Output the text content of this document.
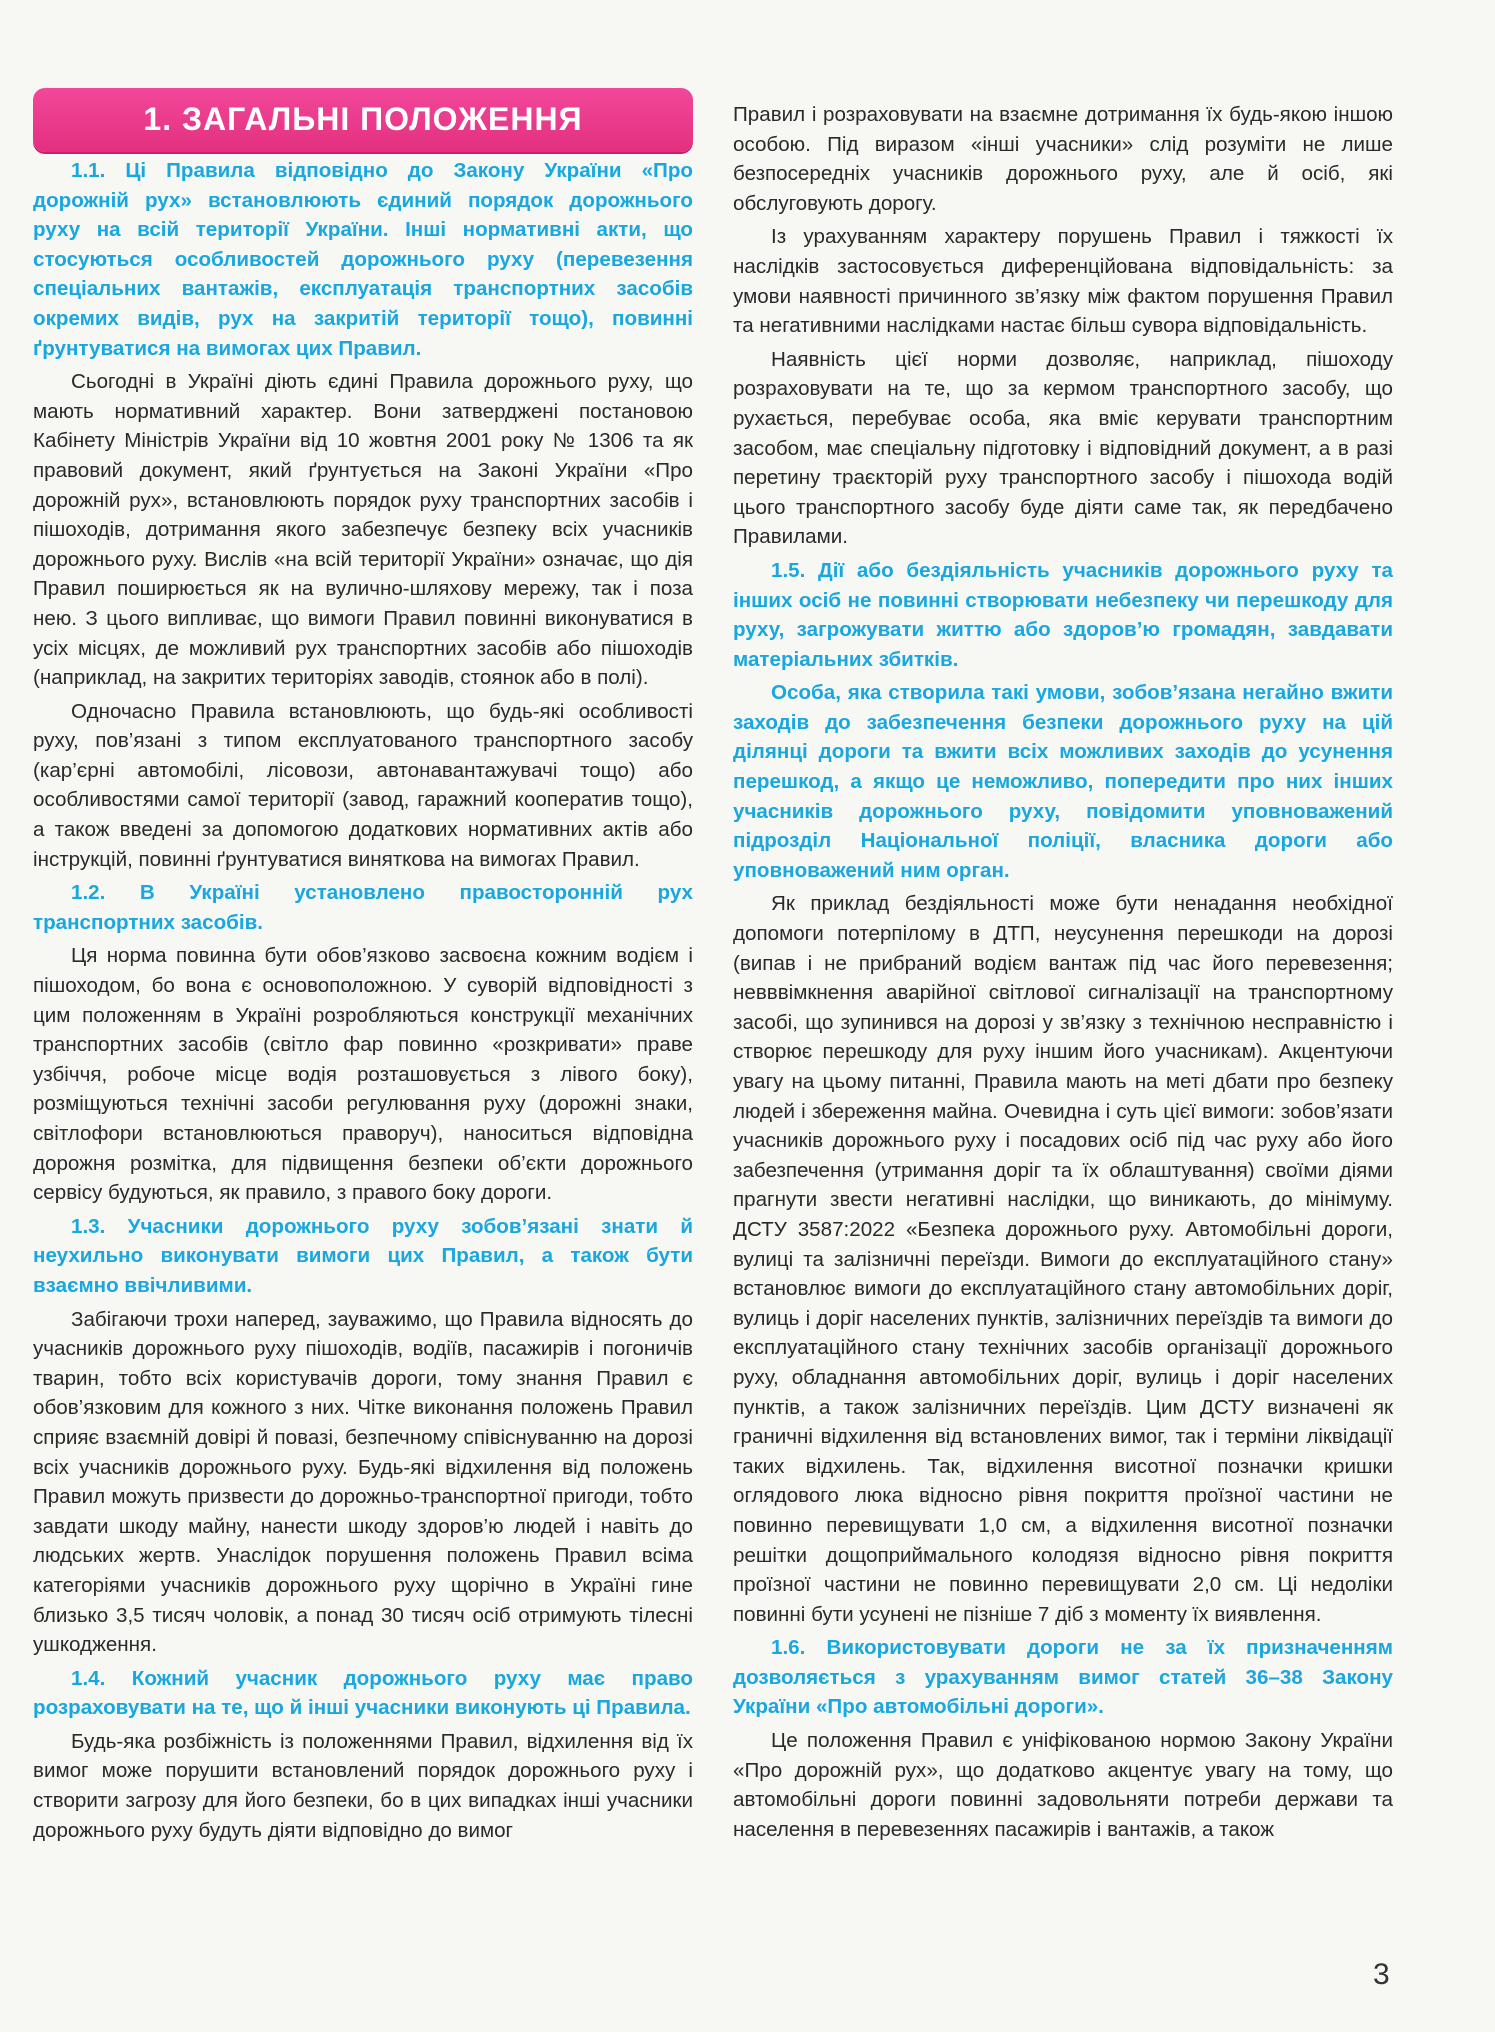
1. ЗАГАЛЬНІ ПОЛОЖЕННЯ

1.1. Ці Правила відповідно до Закону України «Про дорожній рух» встановлюють єдиний порядок дорожнього руху на всій території України. Інші нормативні акти, що стосуються особливостей дорожнього руху (перевезення спеціальних вантажів, експлуатація транспортних засобів окремих видів, рух на закритій території тощо), повинні ґрунтуватися на вимогах цих Правил.

Сьогодні в Україні діють єдині Правила дорожнього руху, що мають нормативний характер. Вони затверджені постановою Кабінету Міністрів України від 10 жовтня 2001 року № 1306 та як правовий документ, який ґрунтується на Законі України «Про дорожній рух», встановлюють порядок руху транспортних засобів і пішоходів, дотримання якого забезпечує безпеку всіх учасників дорожнього руху. Вислів «на всій території України» означає, що дія Правил поширюється як на вулично-шляхову мережу, так і поза нею. З цього випливає, що вимоги Правил повинні виконуватися в усіх місцях, де можливий рух транспортних засобів або пішоходів (наприклад, на закритих територіях заводів, стоянок або в полі).

Одночасно Правила встановлюють, що будь-які особливості руху, пов’язані з типом експлуатованого транспортного засобу (кар’єрні автомобілі, лісовози, автонавантажувачі тощо) або особливостями самої території (завод, гаражний кооператив тощо), а також введені за допомогою додаткових нормативних актів або інструкцій, повинні ґрунтуватися виняткова на вимогах Правил.

1.2. В Україні установлено правосторонній рух транспортних засобів.

Ця норма повинна бути обов’язково засвоєна кожним водієм і пішоходом, бо вона є основоположною. У суворій відповідності з цим положенням в Україні розробляються конструкції механічних транспортних засобів (світло фар повинно «розкривати» праве узбіччя, робоче місце водія розташовується з лівого боку), розміщуються технічні засоби регулювання руху (дорожні знаки, світлофори встановлюються праворуч), наноситься відповідна дорожня розмітка, для підвищення безпеки об’єкти дорожнього сервісу будуються, як правило, з правого боку дороги.

1.3. Учасники дорожнього руху зобов’язані знати й неухильно виконувати вимоги цих Правил, а також бути взаємно ввічливими.

Забігаючи трохи наперед, зауважимо, що Правила відносять до учасників дорожнього руху пішоходів, водіїв, пасажирів і погоничів тварин, тобто всіх користувачів дороги, тому знання Правил є обов’язковим для кожного з них. Чітке виконання положень Правил сприяє взаємній довірі й повазі, безпечному співіснуванню на дорозі всіх учасників дорожнього руху. Будь-які відхилення від положень Правил можуть призвести до дорожньо-транспортної пригоди, тобто завдати шкоду майну, нанести шкоду здоров’ю людей і навіть до людських жертв. Унаслідок порушення положень Правил всіма категоріями учасників дорожнього руху щорічно в Україні гине близько 3,5 тисяч чоловік, а понад 30 тисяч осіб отримують тілесні ушкодження.

1.4. Кожний учасник дорожнього руху має право розраховувати на те, що й інші учасники виконують ці Правила.

Будь-яка розбіжність із положеннями Правил, відхилення від їх вимог може порушити встановлений порядок дорожнього руху і створити загрозу для його безпеки, бо в цих випадках інші учасники дорожнього руху будуть діяти відповідно до вимог

Правил і розраховувати на взаємне дотримання їх будь-якою іншою особою. Під виразом «інші учасники» слід розуміти не лише безпосередніх учасників дорожнього руху, але й осіб, які обслуговують дорогу.

Із урахуванням характеру порушень Правил і тяжкості їх наслідків застосовується диференційована відповідальність: за умови наявності причинного зв’язку між фактом порушення Правил та негативними наслідками настає більш сувора відповідальність.

Наявність цієї норми дозволяє, наприклад, пішоходу розраховувати на те, що за кермом транспортного засобу, що рухається, перебуває особа, яка вміє керувати транспортним засобом, має спеціальну підготовку і відповідний документ, а в разі перетину траєкторій руху транспортного засобу і пішохода водій цього транспортного засобу буде діяти саме так, як передбачено Правилами.

1.5. Дії або бездіяльність учасників дорожнього руху та інших осіб не повинні створювати небезпеку чи перешкоду для руху, загрожувати життю або здоров’ю громадян, завдавати матеріальних збитків.

Особа, яка створила такі умови, зобов’язана негайно вжити заходів до забезпечення безпеки дорожнього руху на цій ділянці дороги та вжити всіх можливих заходів до усунення перешкод, а якщо це неможливо, попередити про них інших учасників дорожнього руху, повідомити уповноважений підрозділ Національної поліції, власника дороги або уповноважений ним орган.

Як приклад бездіяльності може бути ненадання необхідної допомоги потерпілому в ДТП, неусунення перешкоди на дорозі (випав і не прибраний водієм вантаж під час його перевезення; невввімкнення аварійної світлової сигналізації на транспортному засобі, що зупинився на дорозі у зв’язку з технічною несправністю і створює перешкоду для руху іншим його учасникам). Акцентуючи увагу на цьому питанні, Правила мають на меті дбати про безпеку людей і збереження майна. Очевидна і суть цієї вимоги: зобов’язати учасників дорожнього руху і посадових осіб під час руху або його забезпечення (утримання доріг та їх облаштування) своїми діями прагнути звести негативні наслідки, що виникають, до мінімуму. ДСТУ 3587:2022 «Безпека дорожнього руху. Автомобільні дороги, вулиці та залізничні переїзди. Вимоги до експлуатаційного стану» встановлює вимоги до експлуатаційного стану автомобільних доріг, вулиць і доріг населених пунктів, залізничних переїздів та вимоги до експлуатаційного стану технічних засобів організації дорожнього руху, обладнання автомобільних доріг, вулиць і доріг населених пунктів, а також залізничних переїздів. Цим ДСТУ визначені як граничні відхилення від встановлених вимог, так і терміни ліквідації таких відхилень. Так, відхилення висотної позначки кришки оглядового люка відносно рівня покриття проїзної частини не повинно перевищувати 1,0 см, а відхилення висотної позначки решітки дощоприймального колодязя відносно рівня покриття проїзної частини не повинно перевищувати 2,0 см. Ці недоліки повинні бути усунені не пізніше 7 діб з моменту їх виявлення.

1.6. Використовувати дороги не за їх призначенням дозволяється з урахуванням вимог статей 36–38 Закону України «Про автомобільні дороги».

Це положення Правил є уніфікованою нормою Закону України «Про дорожній рух», що додатково акцентує увагу на тому, що автомобільні дороги повинні задовольняти потреби держави та населення в перевезеннях пасажирів і вантажів, а також

3
